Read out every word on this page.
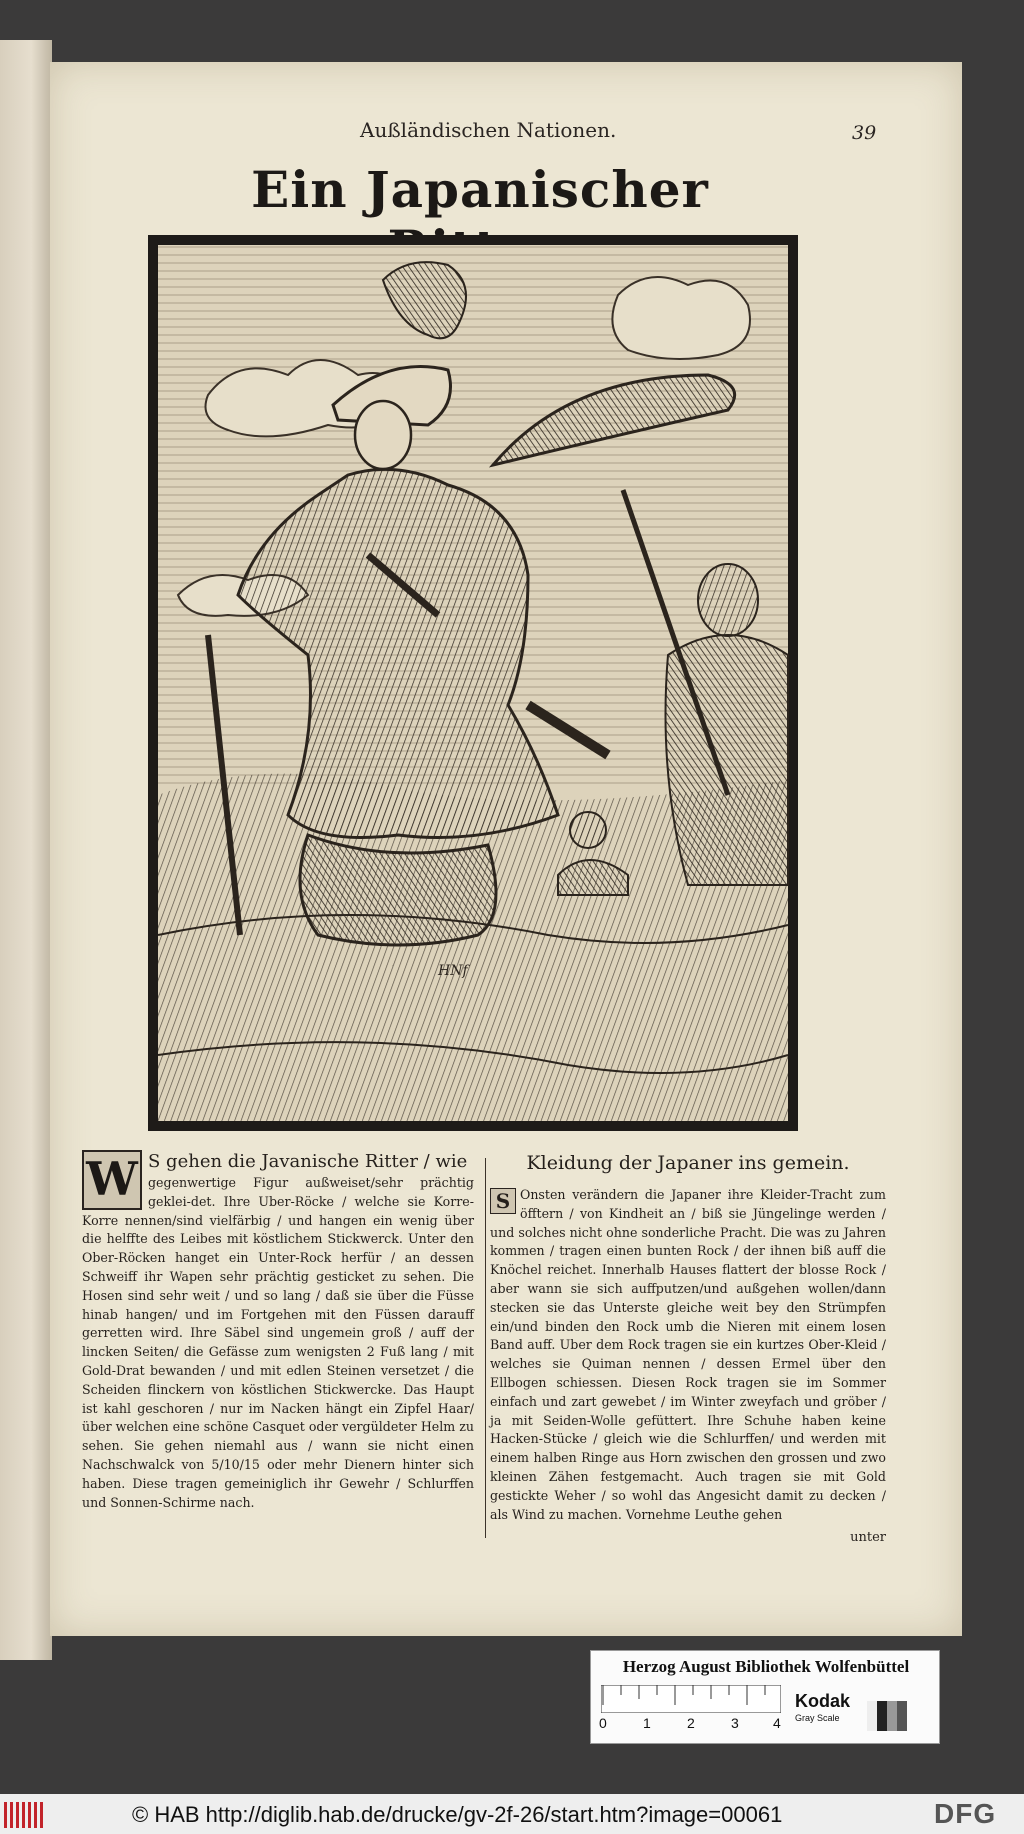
Außländischen Nationen.	39
Ein Japanischer
HNf
W S gehen die Javanische Ritter / wie

gegenwertige Figur außweiset/sehr prächtig geklei-det. Ihre Uber-Röcke / welche sie Korre-Korre nennen/sind vielfärbig / und hangen ein wenig über die helffte des Leibes mit köstlichem Stickwerck. Unter den Ober-Röcken hanget ein Unter-Rock herfür / an dessen Schweiff ihr Wapen sehr prächtig gesticket zu sehen. Die Hosen sind sehr weit / und so lang / daß sie über die Füsse hinab hangen/ und im Fortgehen mit den Füssen darauff gerretten wird. Ihre Säbel sind ungemein groß / auff der lincken Seiten/ die Gefässe zum wenigsten 2 Fuß lang / mit Gold-Drat bewanden / und mit edlen Steinen versetzet / die Scheiden flinckern von köstlichen Stickwercke. Das Haupt ist kahl geschoren / nur im Nacken hängt ein Zipfel Haar/ über welchen eine schöne Casquet oder vergüldeter Helm zu sehen. Sie gehen niemahl aus / wann sie nicht einen Nachschwalck von 5/10/15 oder mehr Dienern hinter sich haben. Diese tragen gemeiniglich ihr Gewehr / Schlurffen und Sonnen-Schirme nach.

Kleidung der Japaner ins gemein.

S Onsten verändern die Japaner ihre Kleider-Tracht zum öfftern / von Kindheit an / biß sie Jüngelinge werden / und solches nicht ohne sonderliche Pracht. Die was zu Jahren kommen / tragen einen bunten Rock / der ihnen biß auff die Knöchel reichet. Innerhalb Hauses flattert der blosse Rock / aber wann sie sich auffputzen/und außgehen wollen/dann stecken sie das Unterste gleiche weit bey den Strümpfen ein/und binden den Rock umb die Nieren mit einem losen Band auff. Uber dem Rock tragen sie ein kurtzes Ober-Kleid / welches sie Quiman nennen / dessen Ermel über den Ellbogen schiessen. Diesen Rock tragen sie im Sommer einfach und zart gewebet / im Winter zweyfach und gröber / ja mit Seiden-Wolle gefüttert. Ihre Schuhe haben keine Hacken-Stücke / gleich wie die Schlurffen/ und werden mit einem halben Ringe aus Horn zwischen den grossen und zwo kleinen Zähen festgemacht. Auch tragen sie mit Gold gestickte Weher / so wohl das Angesicht damit zu decken / als Wind zu machen. Vornehme Leuthe gehen

unter
Herzog August Bibliothek Wolfenbüttel
0	1	2	3 4
Kodak
Gray Scale
© HAB http://diglib.hab.de/drucke/gv-2f-26/start.htm?image=00061	DFG
